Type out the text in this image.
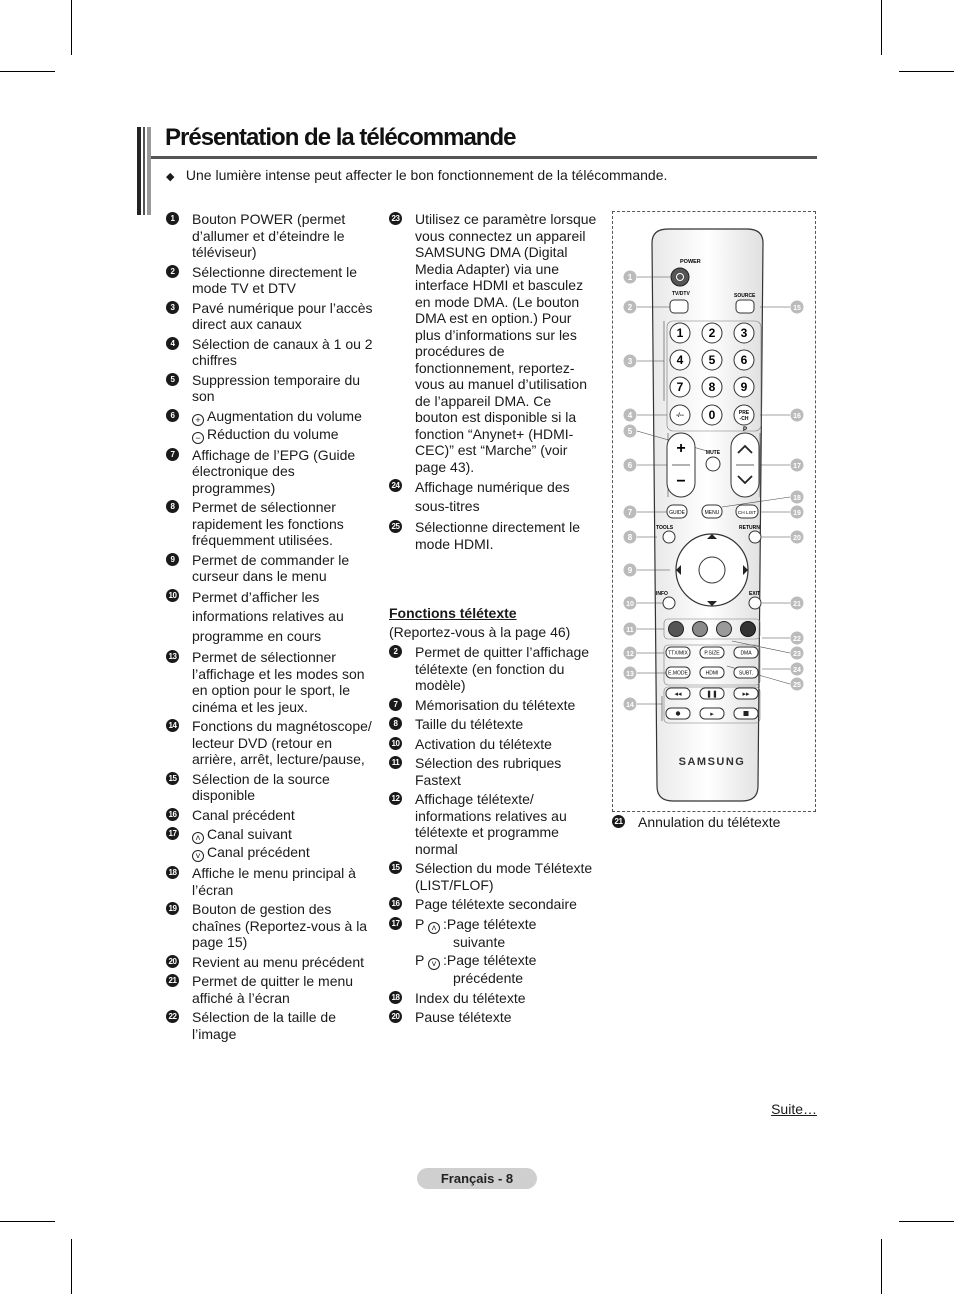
Présentation de la télécommande
◆ Une lumière intense peut affecter le bon fonctionnement de la télécommande.
1	Bouton POWER (permet d’allumer et d’éteindre le téléviseur)
2	Sélectionne directement le mode TV et DTV
3	Pavé numérique pour l’accès direct aux canaux
4	Sélection de canaux à 1 ou 2 chiffres
5	Suppression temporaire du son
6	+ Augmentation du volume
− Réduction du volume
7	Affichage de l’EPG (Guide électronique des programmes)
8	Permet de sélectionner rapidement les fonctions fréquemment utilisées.
9	Permet de commander le curseur dans le menu
10 Permet d’afficher les informations relatives au programme en cours
13 Permet de sélectionner l’affichage et les modes son en option pour le sport, le cinéma et les jeux.
14 Fonctions du magnétoscope/ lecteur DVD (retour en arrière, arrêt, lecture/pause,
15 Sélection de la source disponible
16 Canal précédent
17	˄ Canal suivant
˅ Canal précédent
18 Affiche le menu principal à l’écran
19 Bouton de gestion des chaînes (Reportez-vous à la page 15)
20 Revient au menu précédent
21 Permet de quitter le menu affiché à l’écran
22 Sélection de la taille de l’image
23 Utilisez ce paramètre lorsque vous connectez un appareil SAMSUNG DMA (Digital Media Adapter) via une interface HDMI et basculez en mode DMA. (Le bouton DMA est en option.) Pour plus d’informations sur les procédures de fonctionnement, reportez-vous au manuel d’utilisation de l’appareil DMA. Ce bouton est disponible si la fonction “Anynet+ (HDMI-CEC)” est “Marche” (voir page 43).
24 Affichage numérique des sous-titres
25 Sélectionne directement le mode HDMI.
Fonctions télétexte
(Reportez-vous à la page 46)
2	Permet de quitter l’affichage télétexte (en fonction du modèle)
7	Mémorisation du télétexte
8	Taille du télétexte
10 Activation du télétexte
11 Sélection des rubriques Fastext
12 Affichage télétexte/ informations relatives au télétexte et programme normal
15 Sélection du mode Télétexte (LIST/FLOF)
16 Page télétexte secondaire
17 P ˄ :Page télétexte
suivante
P ˅ :Page télétexte
précédente
18 Index du télétexte
20 Pause télétexte
POWER
TV/DTV	SOURCE
1 2 3
4 5 6
7 8 9
-/-- 0	PRE
-CH
+
−
MUTE
P
GUIDE	MENU	CH LIST
TOOLS	RETURN
INFO	EXIT
TTX/MIX	P.SIZE	DMA
E.MODE	HDMI	SUBT.
◂◂	❚❚	▸▸
▸
SAMSUNG
1
2
3
4
5
6
7
8
9
10
11
12
13
14
15
16
17
18
19
20
21
22
23
24
25
21 Annulation du télétexte
Suite…
Français - 8
